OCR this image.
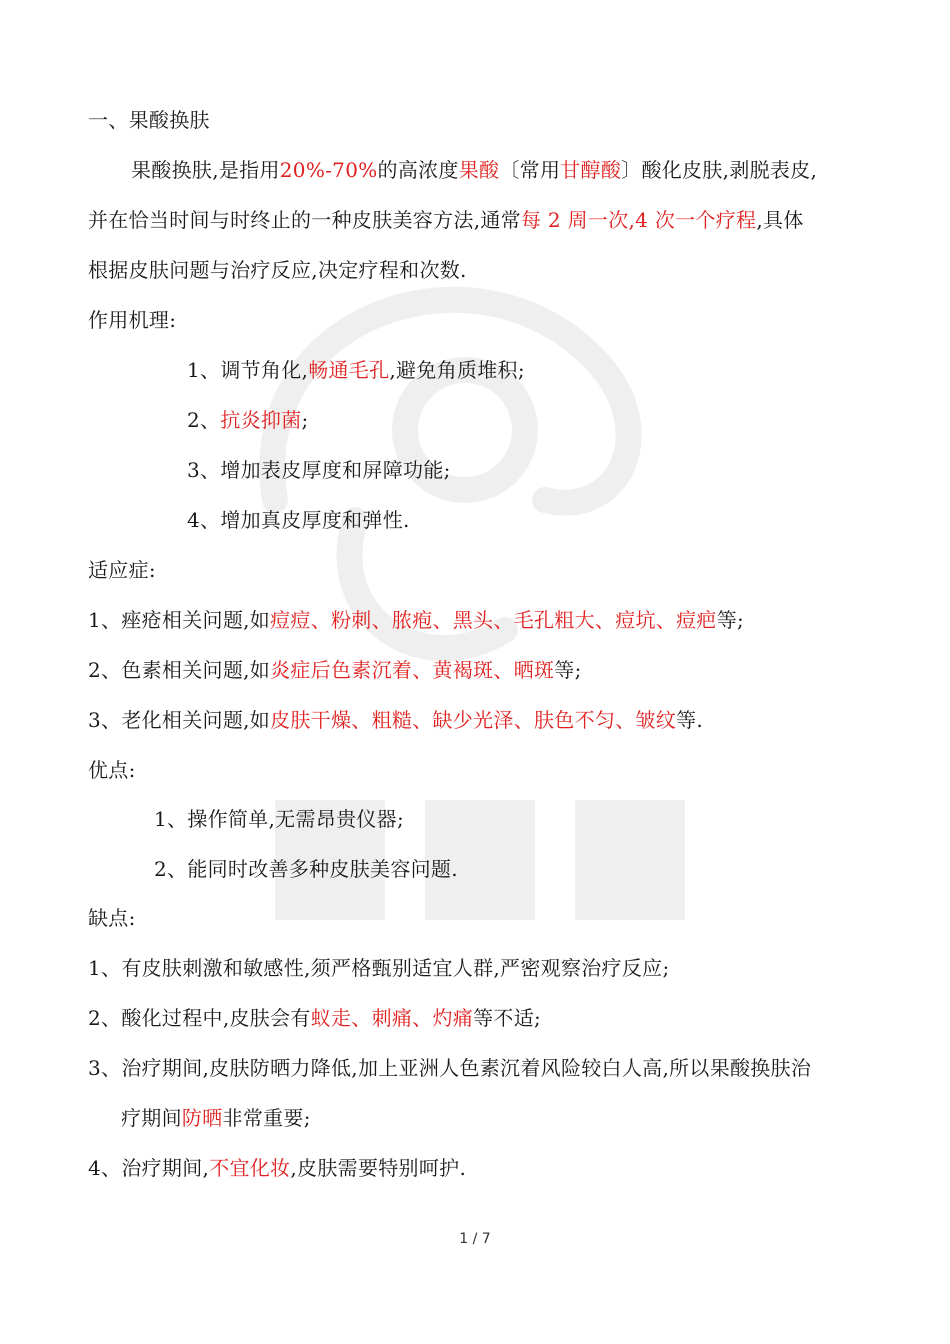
一、果酸换肤
果酸换肤,是指用20%-70%的高浓度果酸〔常用甘醇酸〕酸化皮肤,剥脱表皮,
并在恰当时间与时终止的一种皮肤美容方法,通常每 2 周一次,4 次一个疗程,具体
根据皮肤问题与治疗反应,决定疗程和次数.
作用机理:
1、调节角化,畅通毛孔,避免角质堆积;
2、抗炎抑菌;
3、增加表皮厚度和屏障功能;
4、增加真皮厚度和弹性.
适应症:
1、痤疮相关问题,如痘痘、粉刺、脓疱、黑头、毛孔粗大、痘坑、痘疤等;
2、色素相关问题,如炎症后色素沉着、黄褐斑、晒斑等;
3、老化相关问题,如皮肤干燥、粗糙、缺少光泽、肤色不匀、皱纹等.
优点:
1、操作简单,无需昂贵仪器;
2、能同时改善多种皮肤美容问题.
缺点:
1、有皮肤刺激和敏感性,须严格甄别适宜人群,严密观察治疗反应;
2、酸化过程中,皮肤会有蚁走、刺痛、灼痛等不适;
3、治疗期间,皮肤防晒力降低,加上亚洲人色素沉着风险较白人高,所以果酸换肤治
疗期间防晒非常重要;
4、治疗期间,不宜化妆,皮肤需要特别呵护.
1 / 7
